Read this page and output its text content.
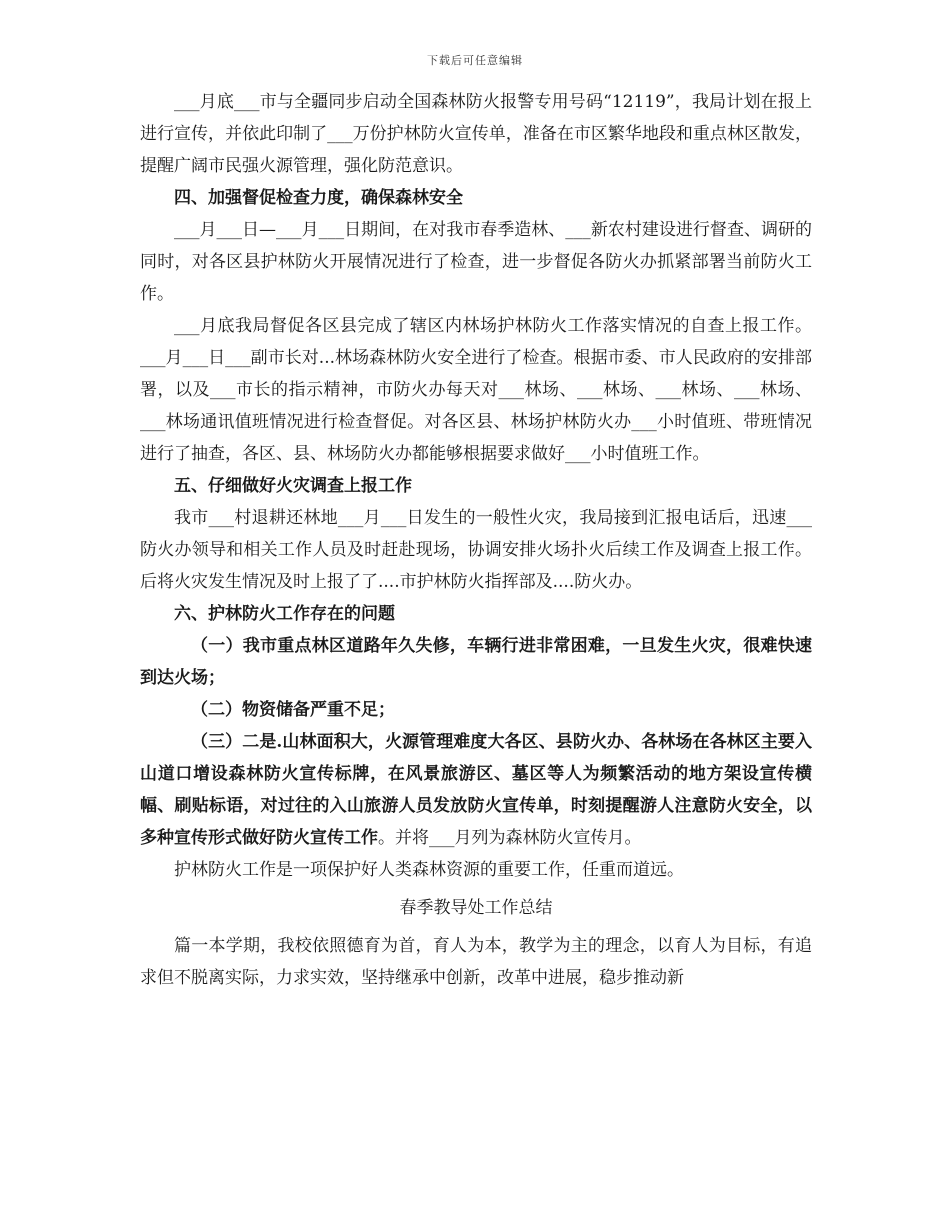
下载后可任意编辑

___月底___市与全疆同步启动全国森林防火报警专用号码“12119”，我局计划在报上进行宣传，并依此印制了___万份护林防火宣传单，准备在市区繁华地段和重点林区散发，提醒广阔市民强火源管理，强化防范意识。

四、加强督促检查力度，确保森林安全

___月___日—___月___日期间，在对我市春季造林、___新农村建设进行督查、调研的同时，对各区县护林防火开展情况进行了检查，进一步督促各防火办抓紧部署当前防火工作。

___月底我局督促各区县完成了辖区内林场护林防火工作落实情况的自查上报工作。___月___日___副市长对...林场森林防火安全进行了检查。根据市委、市人民政府的安排部署，以及___市长的指示精神，市防火办每天对___林场、___林场、___林场、___林场、___林场通讯值班情况进行检查督促。对各区县、林场护林防火办___小时值班、带班情况进行了抽查，各区、县、林场防火办都能够根据要求做好___小时值班工作。

五、仔细做好火灾调查上报工作

我市___村退耕还林地___月___日发生的一般性火灾，我局接到汇报电话后，迅速___防火办领导和相关工作人员及时赶赴现场，协调安排火场扑火后续工作及调查上报工作。后将火灾发生情况及时上报了了....市护林防火指挥部及....防火办。

六、护林防火工作存在的问题

（一）我市重点林区道路年久失修，车辆行进非常困难，一旦发生火灾，很难快速到达火场；

（二）物资储备严重不足；

（三）二是.山林面积大，火源管理难度大各区、县防火办、各林场在各林区主要入山道口增设森林防火宣传标牌，在风景旅游区、墓区等人为频繁活动的地方架设宣传横幅、刷贴标语，对过往的入山旅游人员发放防火宣传单，时刻提醒游人注意防火安全，以多种宣传形式做好防火宣传工作。并将___月列为森林防火宣传月。

护林防火工作是一项保护好人类森林资源的重要工作，任重而道远。

春季教导处工作总结

篇一本学期，我校依照德育为首，育人为本，教学为主的理念，以育人为目标，有追求但不脱离实际，力求实效，坚持继承中创新，改革中进展，稳步推动新
